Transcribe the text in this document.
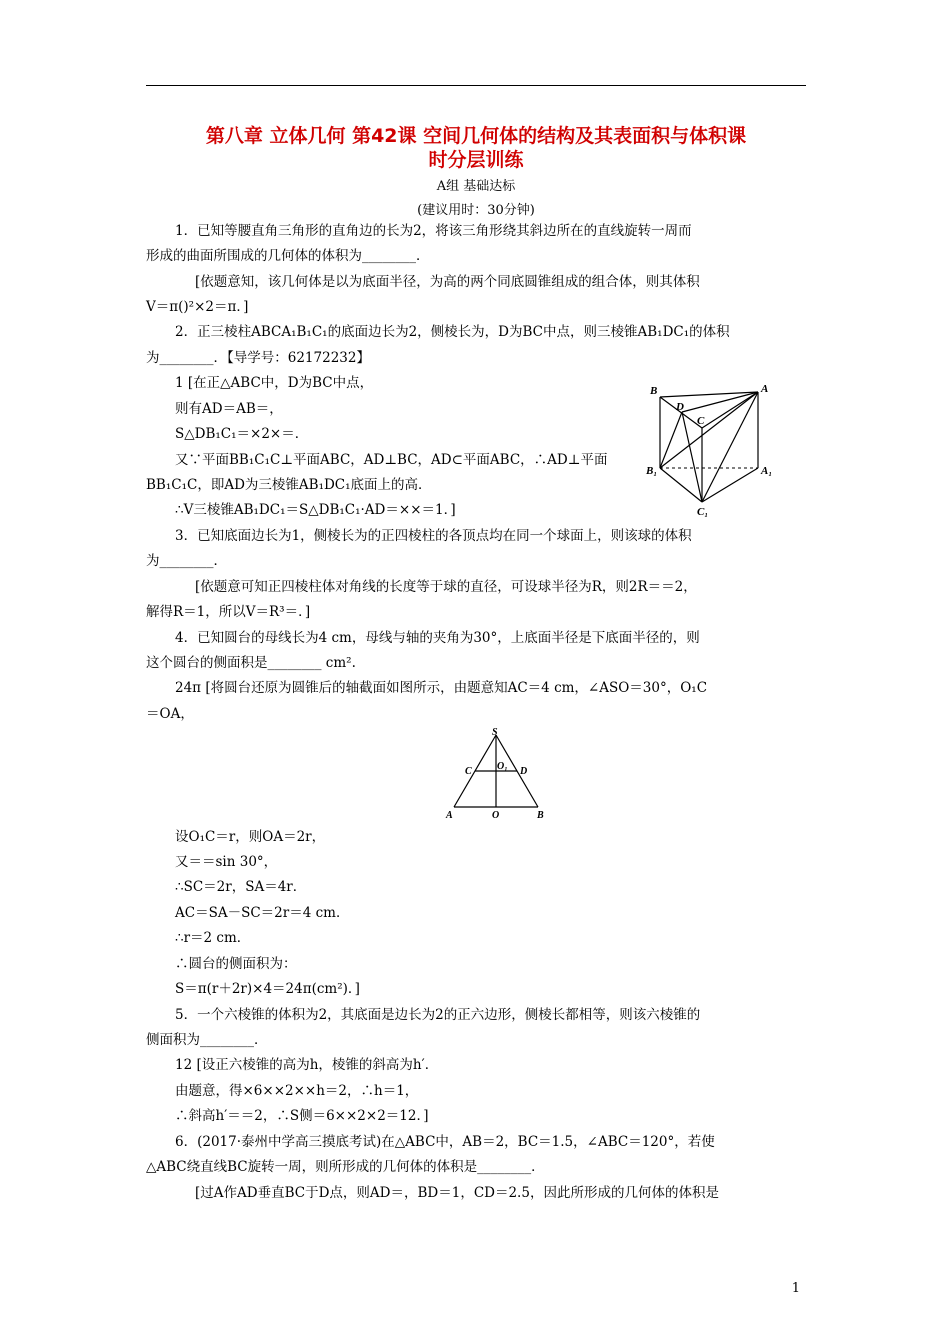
第八章 立体几何 第42课 空间几何体的结构及其表面积与体积课
时分层训练
A组 基础达标
(建议用时：30分钟)
1．已知等腰直角三角形的直角边的长为2，将该三角形绕其斜边所在的直线旋转一周而
形成的曲面所围成的几何体的体积为________．
[依题意知，该几何体是以为底面半径，为高的两个同底圆锥组成的组合体，则其体积
V＝π()²×2＝π．]
2．正三棱柱ABCA₁B₁C₁的底面边长为2，侧棱长为，D为BC中点，则三棱锥AB₁DC₁的体积
为________．【导学号：62172232】
1 [在正△ABC中，D为BC中点，
则有AD＝AB＝，
S△DB₁C₁＝×2×＝．
又∵平面BB₁C₁C⊥平面ABC，AD⊥BC，AD⊂平面ABC，∴AD⊥平面
BB₁C₁C，即AD为三棱锥AB₁DC₁底面上的高．
∴V三棱锥AB₁DC₁＝S△DB₁C₁·AD＝××＝1．]
3．已知底面边长为1，侧棱长为的正四棱柱的各顶点均在同一个球面上，则该球的体积
为________．
[依题意可知正四棱柱体对角线的长度等于球的直径，可设球半径为R，则2R＝＝2，
解得R＝1，所以V＝R³＝．]
4．已知圆台的母线长为4 cm，母线与轴的夹角为30°，上底面半径是下底面半径的，则
这个圆台的侧面积是________ cm².
24π [将圆台还原为圆锥后的轴截面如图所示，由题意知AC＝4 cm，∠ASO＝30°，O₁C
＝OA，
设O₁C＝r，则OA＝2r，
又＝＝sin 30°，
∴SC＝2r，SA＝4r．
AC＝SA－SC＝2r＝4 cm．
∴r＝2 cm．
∴圆台的侧面积为：
S＝π(r＋2r)×4＝24π(cm²)．]
5．一个六棱锥的体积为2，其底面是边长为2的正六边形，侧棱长都相等，则该六棱锥的
侧面积为________．
12 [设正六棱锥的高为h，棱锥的斜高为h′．
由题意，得×6××2××h＝2，∴h＝1，
∴斜高h′＝＝2，∴S侧＝6××2×2＝12．]
6．(2017·泰州中学高三摸底考试)在△ABC中，AB＝2，BC＝1.5，∠ABC＝120°，若使
△ABC绕直线BC旋转一周，则所形成的几何体的体积是________．
[过A作AD垂直BC于D点，则AD＝，BD＝1，CD＝2.5，因此所形成的几何体的体积是
B
D
C
A
B₁	A₁
C₁
S
C	O₁ D
A	O	B
1
